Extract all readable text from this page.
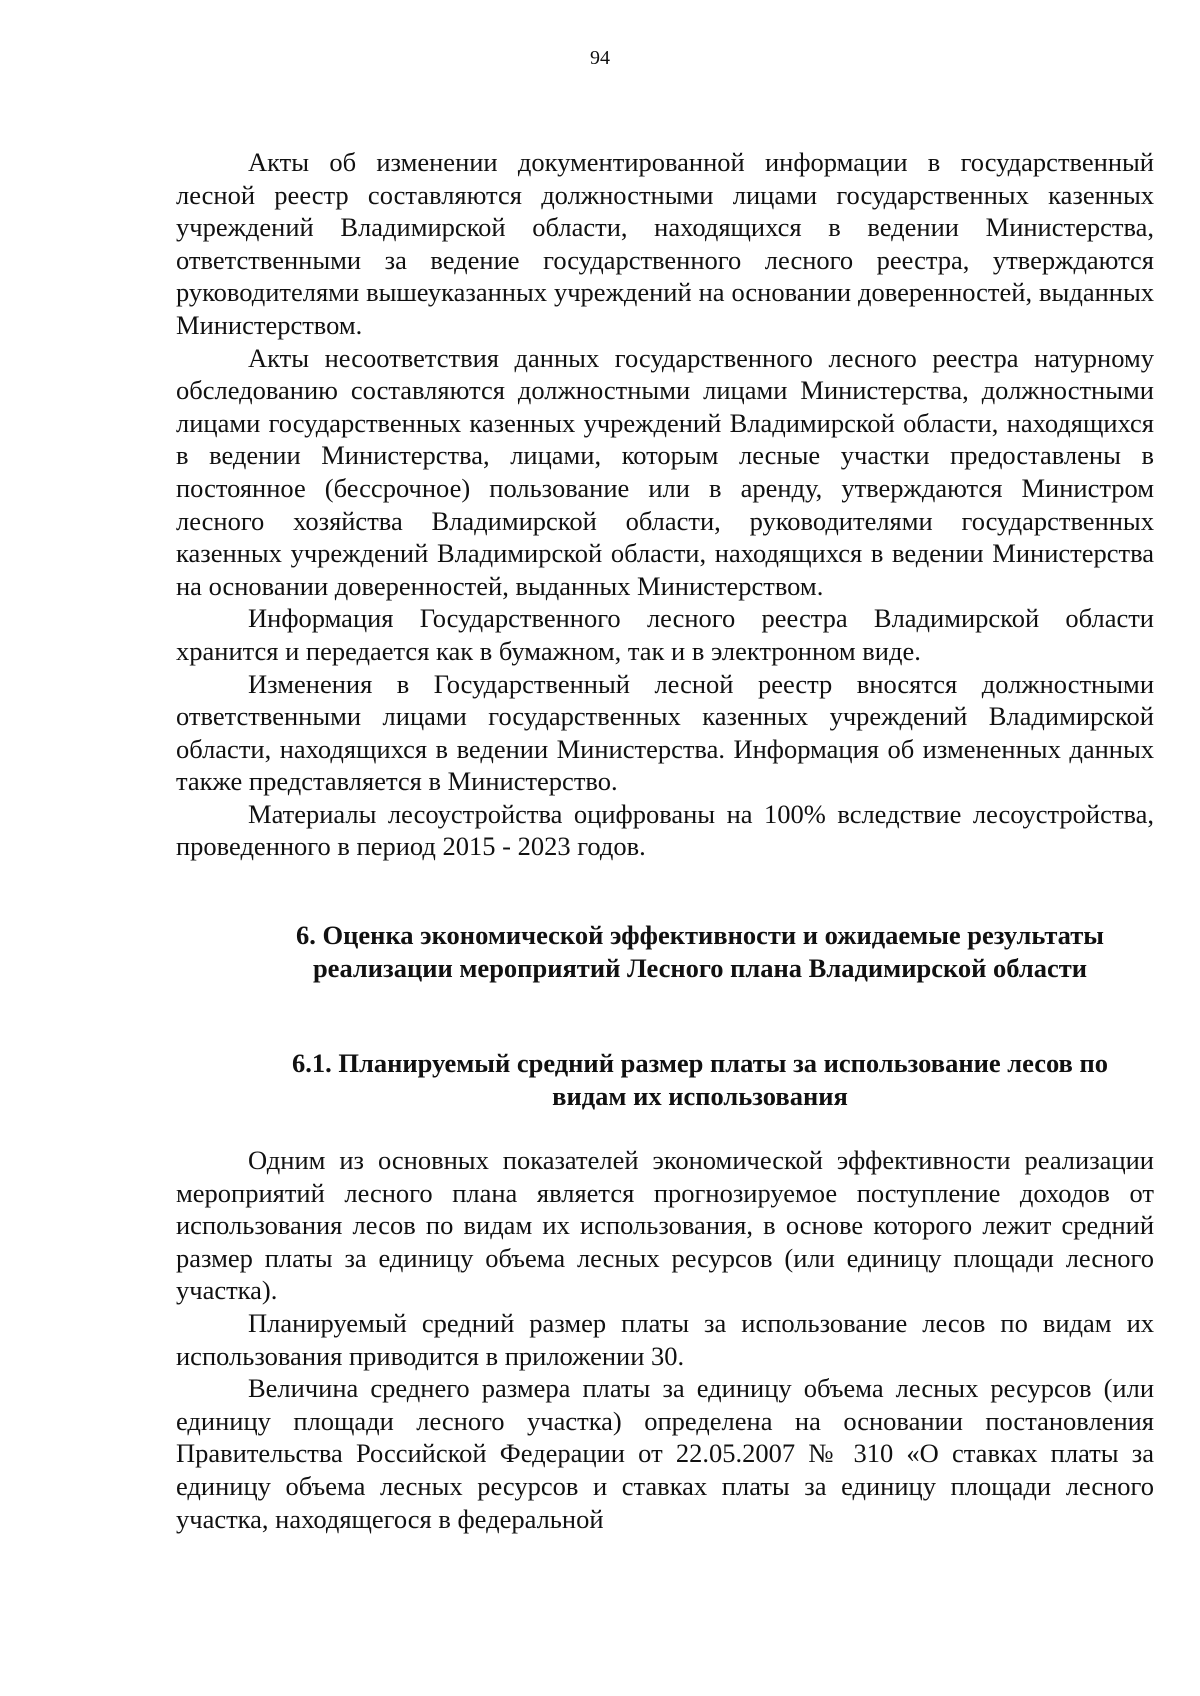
94

Акты об изменении документированной информации в государственный лесной реестр составляются должностными лицами государственных казенных учреждений Владимирской области, находящихся в ведении Министерства, ответственными за ведение государственного лесного реестра, утверждаются руководителями вышеуказанных учреждений на основании доверенностей, выданных Министерством.

Акты несоответствия данных государственного лесного реестра натурному обследованию составляются должностными лицами Министерства, должностными лицами государственных казенных учреждений Владимирской области, находящихся в ведении Министерства, лицами, которым лесные участки предоставлены в постоянное (бессрочное) пользование или в аренду, утверждаются Министром лесного хозяйства Владимирской области, руководителями государственных казенных учреждений Владимирской области, находящихся в ведении Министерства на основании доверенностей, выданных Министерством.

Информация Государственного лесного реестра Владимирской области хранится и передается как в бумажном, так и в электронном виде.

Изменения в Государственный лесной реестр вносятся должностными ответственными лицами государственных казенных учреждений Владимирской области, находящихся в ведении Министерства. Информация об измененных данных также представляется в Министерство.

Материалы лесоустройства оцифрованы на 100% вследствие лесоустройства, проведенного в период 2015 - 2023 годов.

6. Оценка экономической эффективности и ожидаемые результаты
реализации мероприятий Лесного плана Владимирской области
6.1. Планируемый средний размер платы за использование лесов по
видам их использования

Одним из основных показателей экономической эффективности реализации мероприятий лесного плана является прогнозируемое поступление доходов от использования лесов по видам их использования, в основе которого лежит средний размер платы за единицу объема лесных ресурсов (или единицу площади лесного участка).

Планируемый средний размер платы за использование лесов по видам их использования приводится в приложении 30.

Величина среднего размера платы за единицу объема лесных ресурсов (или единицу площади лесного участка) определена на основании постановления Правительства Российской Федерации от 22.05.2007 № 310 «О ставках платы за единицу объема лесных ресурсов и ставках платы за единицу площади лесного участка, находящегося в федеральной
